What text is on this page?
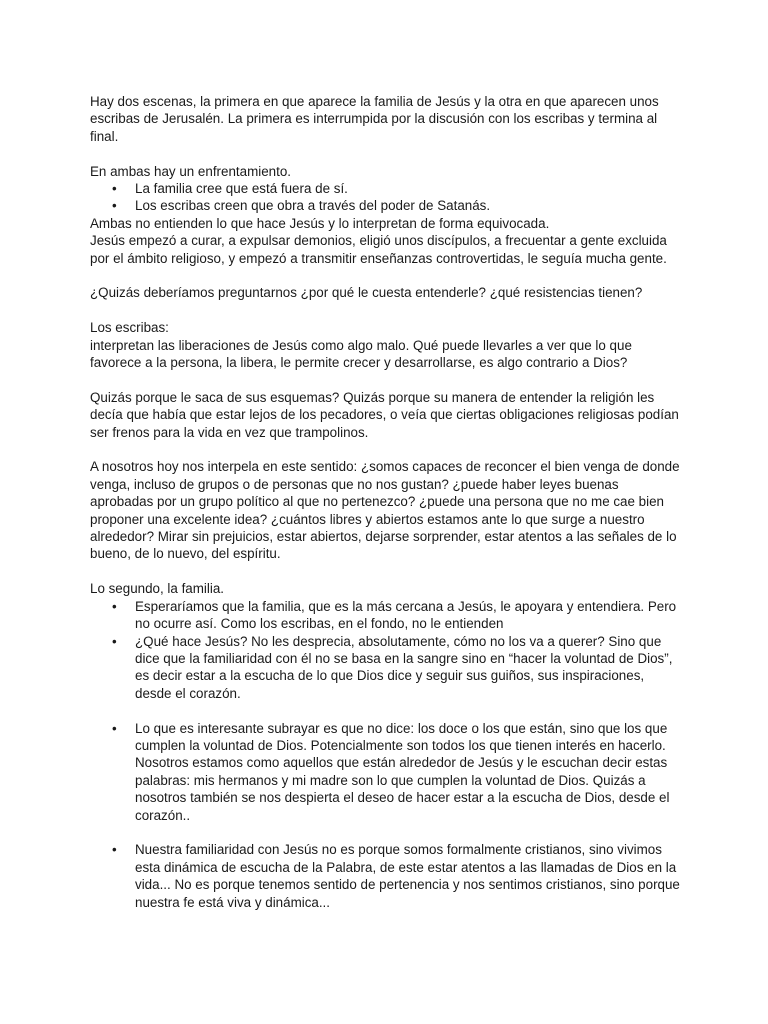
Hay dos escenas, la primera en que aparece la familia de Jesús y la otra en que aparecen unos escribas de Jerusalén. La primera es interrumpida por la discusión con los escribas y termina al final.

En ambas hay un enfrentamiento.

• La familia cree que está fuera de sí.
• Los escribas creen que obra a través del poder de Satanás.

Ambas no entienden lo que hace Jesús y lo interpretan de forma equivocada.

Jesús empezó a curar, a expulsar demonios, eligió unos discípulos, a frecuentar a gente excluida por el ámbito religioso, y empezó a transmitir enseñanzas controvertidas, le seguía mucha gente.

¿Quizás deberíamos preguntarnos ¿por qué le cuesta entenderle? ¿qué resistencias tienen?

Los escribas:

interpretan las liberaciones de Jesús como algo malo. Qué puede llevarles a ver que lo que favorece a la persona, la libera, le permite crecer y desarrollarse, es algo contrario a Dios?

Quizás porque le saca de sus esquemas? Quizás porque su manera de entender la religión les decía que había que estar lejos de los pecadores, o veía que ciertas obligaciones religiosas podían ser frenos para la vida en vez que trampolinos.

A nosotros hoy nos interpela en este sentido: ¿somos capaces de reconcer el bien venga de donde venga, incluso de grupos o de personas que no nos gustan? ¿puede haber leyes buenas aprobadas por un grupo político al que no pertenezco? ¿puede una persona que no me cae bien proponer una excelente idea? ¿cuántos libres y abiertos estamos ante lo que surge a nuestro alrededor? Mirar sin prejuicios, estar abiertos, dejarse sorprender, estar atentos a las señales de lo bueno, de lo nuevo, del espíritu.

Lo segundo, la familia.

• Esperaríamos que la familia, que es la más cercana a Jesús, le apoyara y entendiera. Pero no ocurre así. Como los escribas, en el fondo, no le entienden
• ¿Qué hace Jesús? No les desprecia, absolutamente, cómo no los va a querer? Sino que dice que la familiaridad con él no se basa en la sangre sino en “hacer la voluntad de Dios”, es decir estar a la escucha de lo que Dios dice y seguir sus guiños, sus inspiraciones, desde el corazón.
• Lo que es interesante subrayar es que no dice: los doce o los que están, sino que los que cumplen la voluntad de Dios. Potencialmente son todos los que tienen interés en hacerlo. Nosotros estamos como aquellos que están alrededor de Jesús y le escuchan decir estas palabras: mis hermanos y mi madre son lo que cumplen la voluntad de Dios. Quizás a nosotros también se nos despierta el deseo de hacer estar a la escucha de Dios, desde el corazón..
• Nuestra familiaridad con Jesús no es porque somos formalmente cristianos, sino vivimos esta dinámica de escucha de la Palabra, de este estar atentos a las llamadas de Dios en la vida... No es porque tenemos sentido de pertenencia y nos sentimos cristianos, sino porque nuestra fe está viva y dinámica...
